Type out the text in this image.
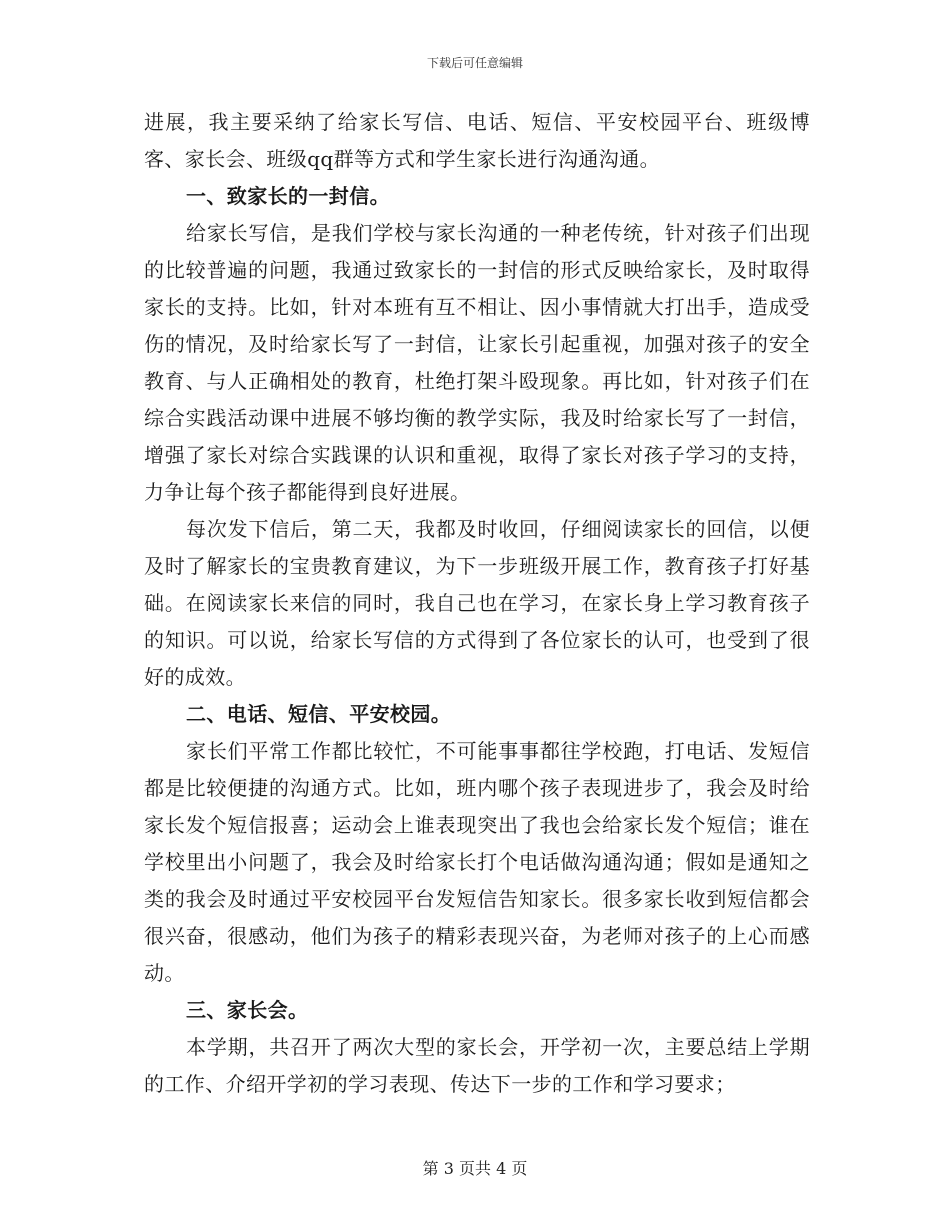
下载后可任意编辑

进展，我主要采纳了给家长写信、电话、短信、平安校园平台、班级博客、家长会、班级qq群等方式和学生家长进行沟通沟通。

一、致家长的一封信。

给家长写信，是我们学校与家长沟通的一种老传统，针对孩子们出现的比较普遍的问题，我通过致家长的一封信的形式反映给家长，及时取得家长的支持。比如，针对本班有互不相让、因小事情就大打出手，造成受伤的情况，及时给家长写了一封信，让家长引起重视，加强对孩子的安全教育、与人正确相处的教育，杜绝打架斗殴现象。再比如，针对孩子们在综合实践活动课中进展不够均衡的教学实际，我及时给家长写了一封信，增强了家长对综合实践课的认识和重视，取得了家长对孩子学习的支持，力争让每个孩子都能得到良好进展。

每次发下信后，第二天，我都及时收回，仔细阅读家长的回信，以便及时了解家长的宝贵教育建议，为下一步班级开展工作，教育孩子打好基础。在阅读家长来信的同时，我自己也在学习，在家长身上学习教育孩子的知识。可以说，给家长写信的方式得到了各位家长的认可，也受到了很好的成效。

二、电话、短信、平安校园。

家长们平常工作都比较忙，不可能事事都往学校跑，打电话、发短信都是比较便捷的沟通方式。比如，班内哪个孩子表现进步了，我会及时给家长发个短信报喜；运动会上谁表现突出了我也会给家长发个短信；谁在学校里出小问题了，我会及时给家长打个电话做沟通沟通；假如是通知之类的我会及时通过平安校园平台发短信告知家长。很多家长收到短信都会很兴奋，很感动，他们为孩子的精彩表现兴奋，为老师对孩子的上心而感动。

三、家长会。

本学期，共召开了两次大型的家长会，开学初一次，主要总结上学期的工作、介绍开学初的学习表现、传达下一步的工作和学习要求；

第 3 页共 4 页
